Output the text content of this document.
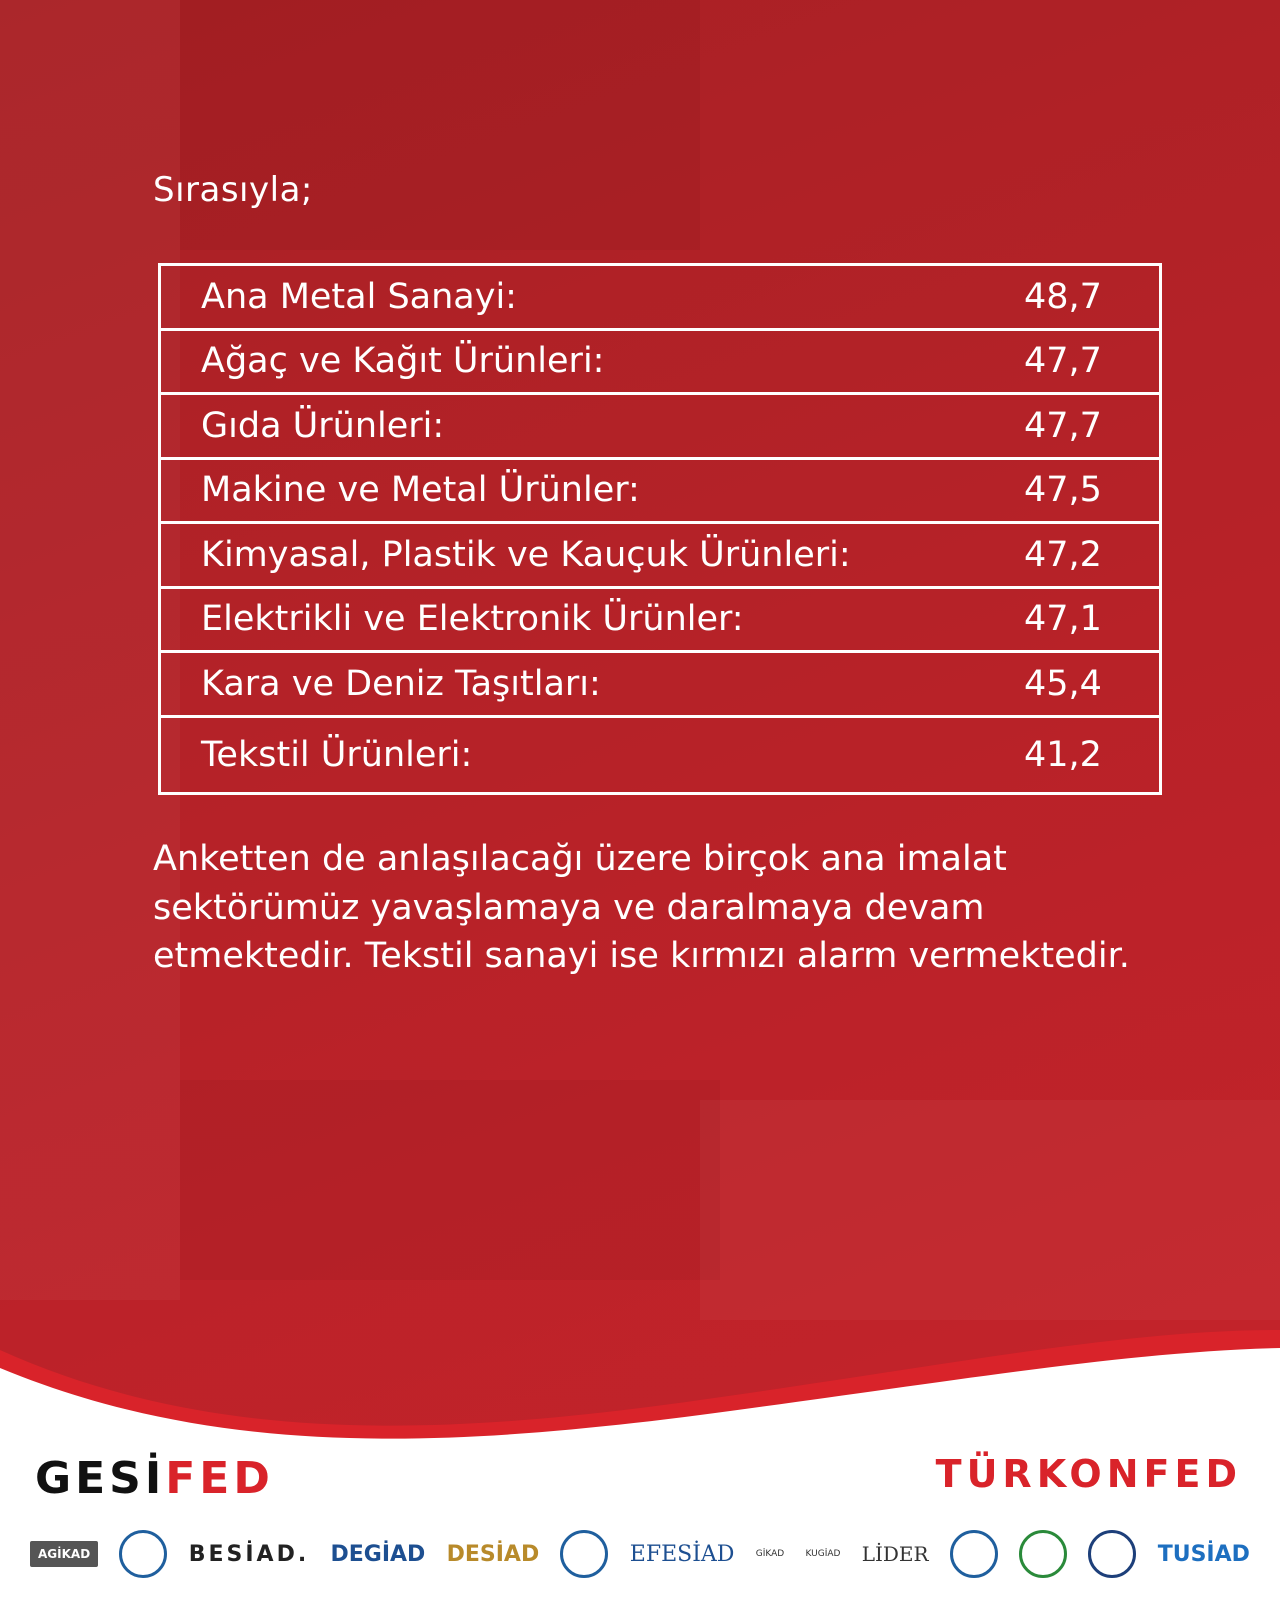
Sırasıyla;
Ana Metal Sanayi:	48,7
Ağaç ve Kağıt Ürünleri:	47,7
Gıda Ürünleri:	47,7
Makine ve Metal Ürünler:	47,5
Kimyasal, Plastik ve Kauçuk Ürünleri:	47,2
Elektrikli ve Elektronik Ürünler:	47,1
Kara ve Deniz Taşıtları:	45,4
Tekstil Ürünleri:	41,2
Anketten de anlaşılacağı üzere birçok ana imalat sektörümüz yavaşlamaya ve daralmaya devam etmektedir. Tekstil sanayi ise kırmızı alarm vermektedir.
GESİFED	TÜRKONFED
AGİKAD	BESİAD. DEGİAD DESİAD	EFESİAD GİKAD KUGİAD LİDER	TUSİAD
